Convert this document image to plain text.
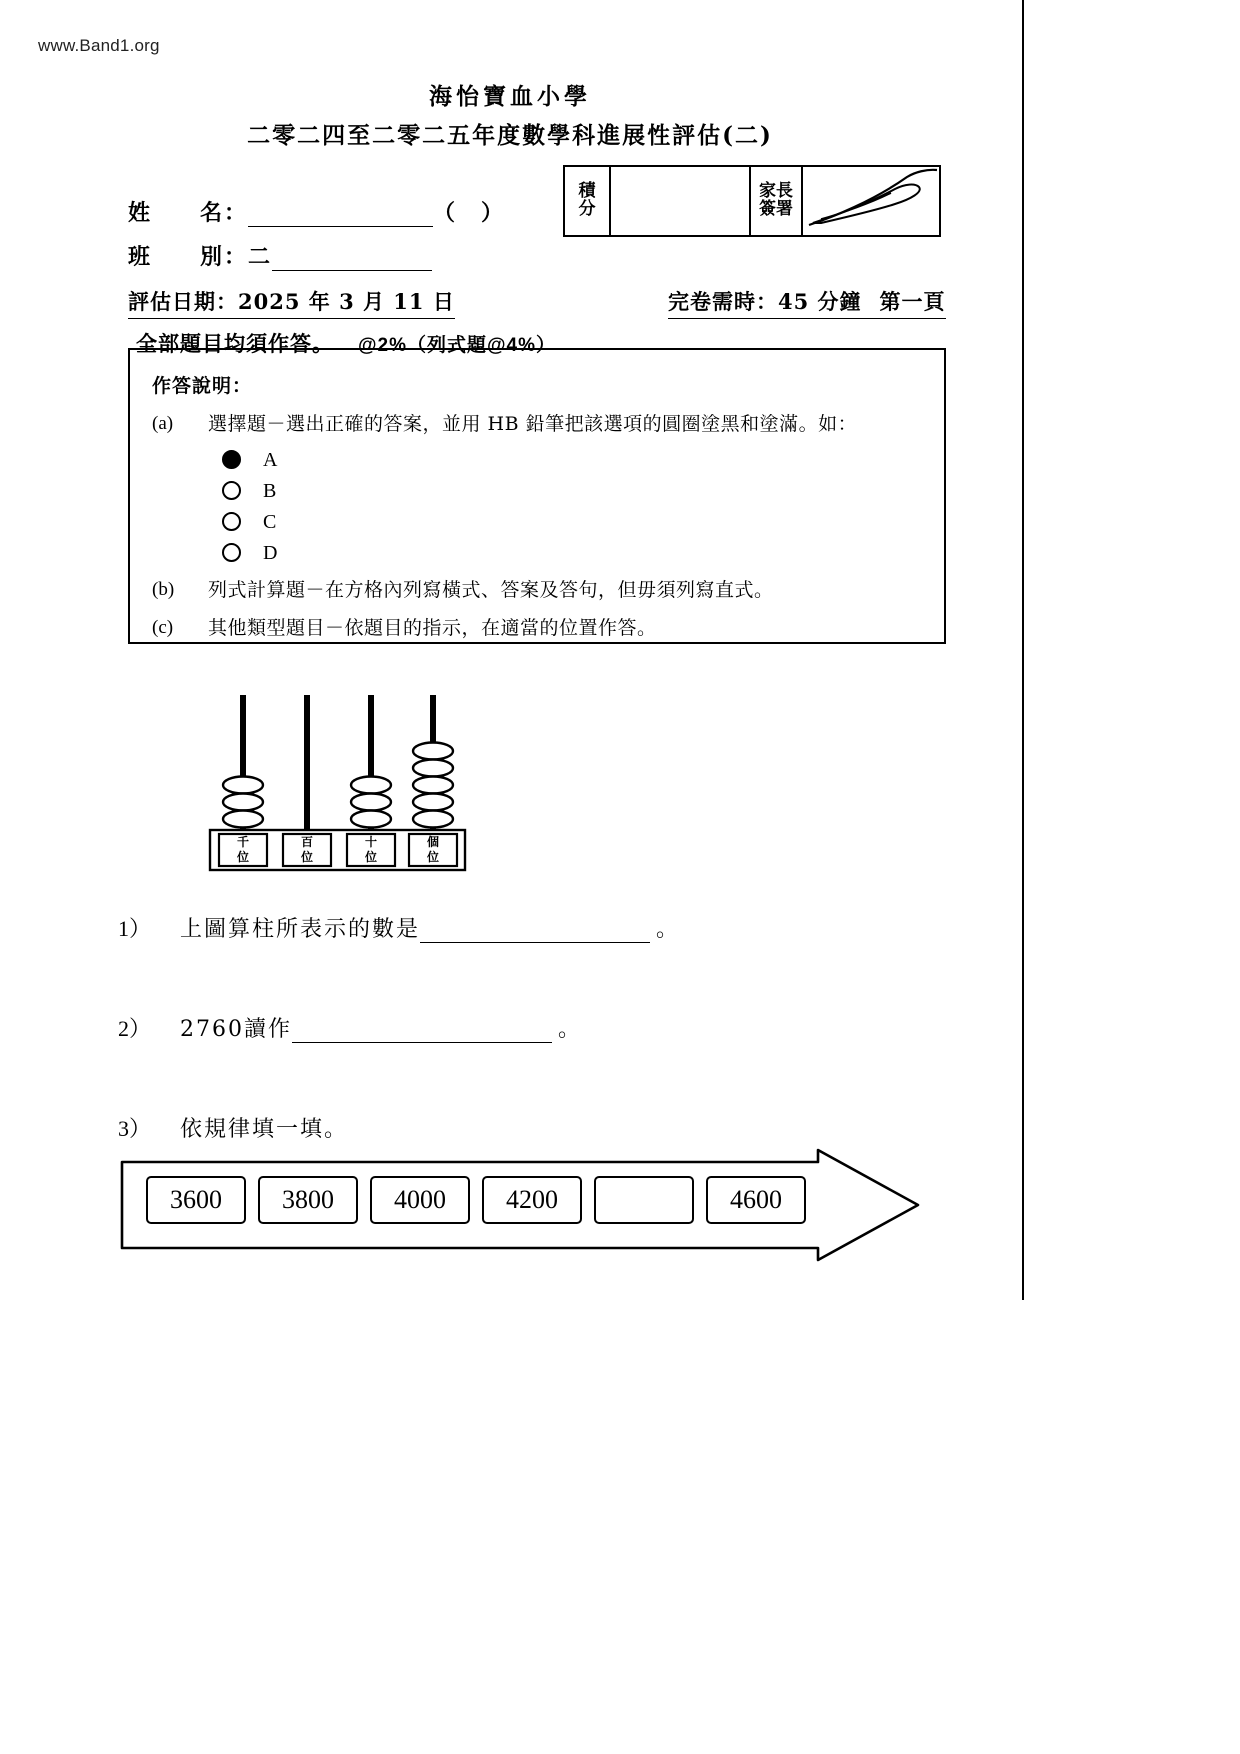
www.Band1.org
海怡寶血小學
二零二四至二零二五年度數學科進展性評估(二)
姓　　名：	（　）
班　　別：二
積
分
家長
簽署
評估日期：2025 年 3 月 11 日	完卷需時：45 分鐘 第一頁
全部題目均須作答。 @2%（列式題@4%）
作答說明：
(a)	選擇題－選出正確的答案，並用 HB 鉛筆把該選項的圓圈塗黑和塗滿。如：
A
B
C
D
(b)	列式計算題－在方格內列寫橫式、答案及答句，但毋須列寫直式。
(c)	其他類型題目－依題目的指示，在適當的位置作答。
千
位
百
位
十
位
個
位
1） 上圖算柱所表示的數是	。
2） 2760讀作	。
3） 依規律填一填。
3600	3800	4000	4200	4600
